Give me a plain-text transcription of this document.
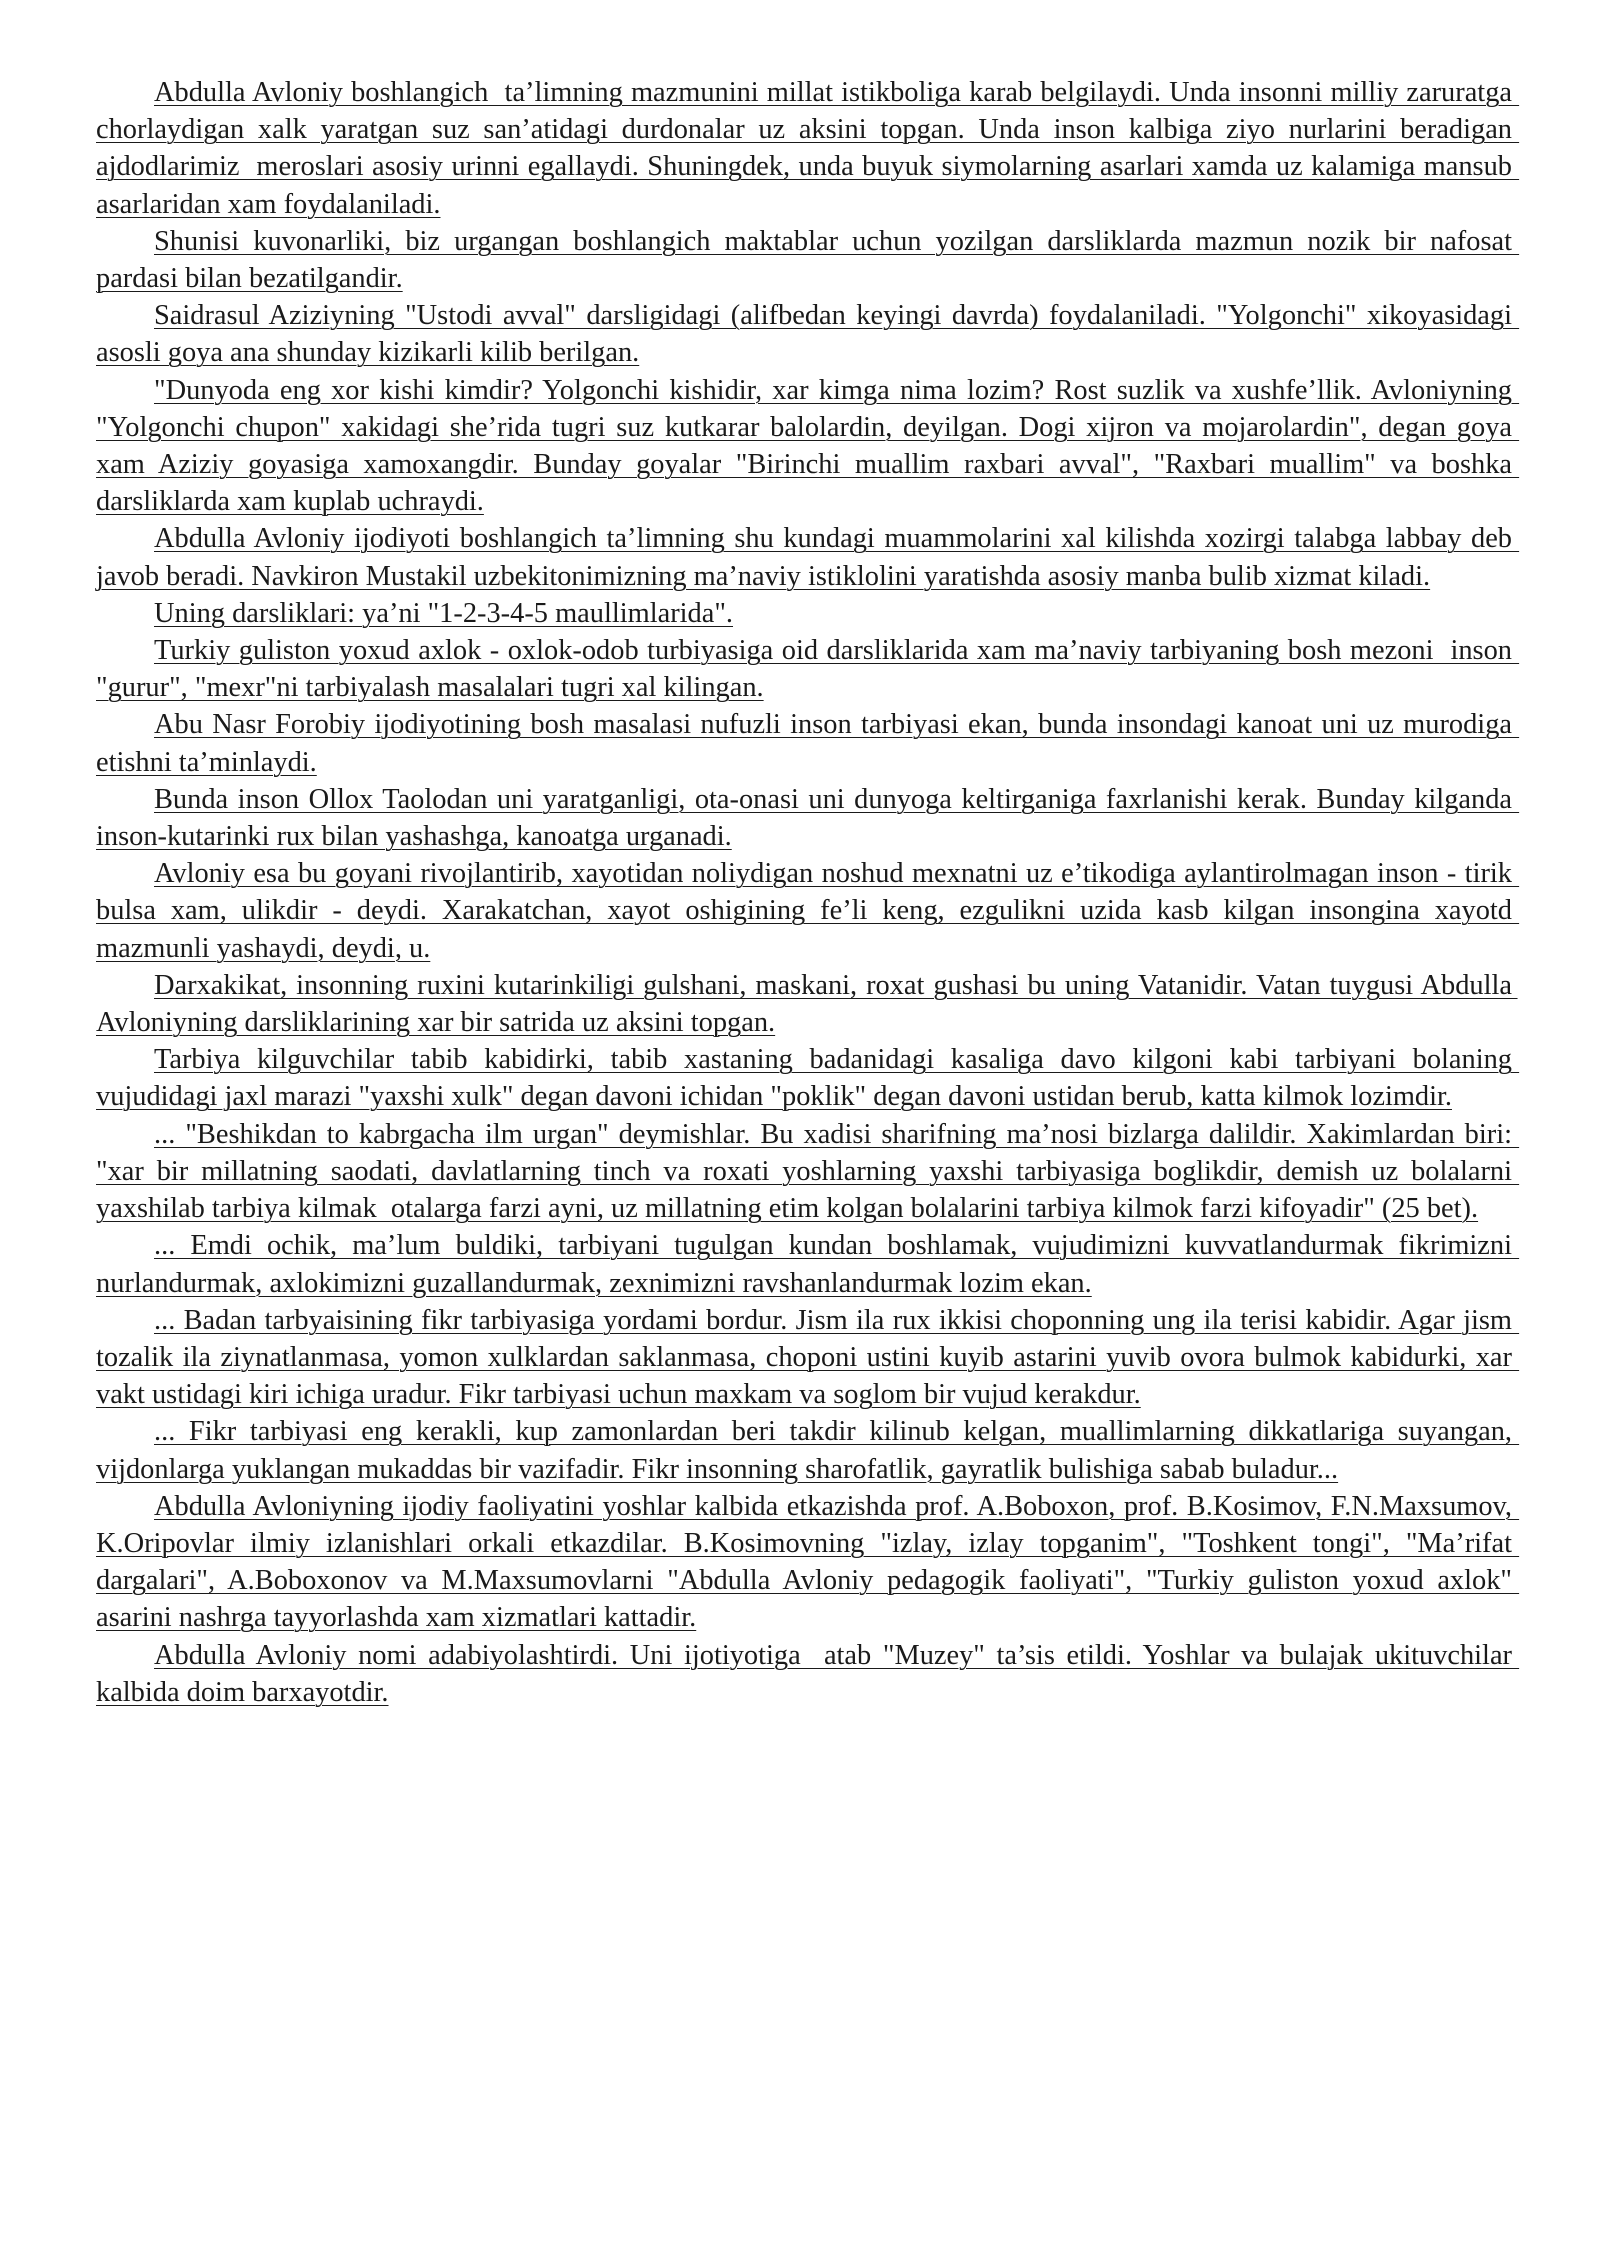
Abdulla Avloniy boshlangich  ta’limning mazmunini millat istikboliga karab belgilaydi. Unda insonni milliy zaruratga chorlaydigan xalk yaratgan suz san’atidagi durdonalar uz aksini topgan. Unda inson kalbiga ziyo nurlarini beradigan ajdodlarimiz  meroslari asosiy urinni egallaydi. Shuningdek, unda buyuk siymolarning asarlari xamda uz kalamiga mansub asarlaridan xam foydalaniladi.

Shunisi kuvonarliki, biz urgangan boshlangich maktablar uchun yozilgan darsliklarda mazmun nozik bir nafosat pardasi bilan bezatilgandir.

Saidrasul Aziziyning "Ustodi avval" darsligidagi (alifbedan keyingi davrda) foydalaniladi. "Yolgonchi" xikoyasidagi asosli goya ana shunday kizikarli kilib berilgan.

"Dunyoda eng xor kishi kimdir? Yolgonchi kishidir, xar kimga nima lozim? Rost suzlik va xushfe’llik. Avloniyning "Yolgonchi chupon" xakidagi she’rida tugri suz kutkarar balolardin, deyilgan. Dogi xijron va mojarolardin", degan goya xam Aziziy goyasiga xamoxangdir. Bunday goyalar "Birinchi muallim raxbari avval", "Raxbari muallim" va boshka darsliklarda xam kuplab uchraydi.

Abdulla Avloniy ijodiyoti boshlangich ta’limning shu kundagi muammolarini xal kilishda xozirgi talabga labbay deb javob beradi. Navkiron Mustakil uzbekitonimizning ma’naviy istiklolini yaratishda asosiy manba bulib xizmat kiladi.

Uning darsliklari: ya’ni "1-2-3-4-5 maullimlarida".

Turkiy guliston yoxud axlok - oxlok-odob turbiyasiga oid darsliklarida xam ma’naviy tarbiyaning bosh mezoni  inson "gurur", "mexr"ni tarbiyalash masalalari tugri xal kilingan.

Abu Nasr Forobiy ijodiyotining bosh masalasi nufuzli inson tarbiyasi ekan, bunda insondagi kanoat uni uz murodiga etishni ta’minlaydi.

Bunda inson Ollox Taolodan uni yaratganligi, ota-onasi uni dunyoga keltirganiga faxrlanishi kerak. Bunday kilganda inson-kutarinki rux bilan yashashga, kanoatga urganadi.

Avloniy esa bu goyani rivojlantirib, xayotidan noliydigan noshud mexnatni uz e’tikodiga aylantirolmagan inson - tirik bulsa xam, ulikdir - deydi. Xarakatchan, xayot oshigining fe’li keng, ezgulikni uzida kasb kilgan insongina xayotd mazmunli yashaydi, deydi, u.

Darxakikat, insonning ruxini kutarinkiligi gulshani, maskani, roxat gushasi bu uning Vatanidir. Vatan tuygusi Abdulla Avloniyning darsliklarining xar bir satrida uz aksini topgan.

Tarbiya kilguvchilar tabib kabidirki, tabib xastaning badanidagi kasaliga davo kilgoni kabi tarbiyani bolaning vujudidagi jaxl marazi "yaxshi xulk" degan davoni ichidan "poklik" degan davoni ustidan berub, katta kilmok lozimdir.

... "Beshikdan to kabrgacha ilm urgan" deymishlar. Bu xadisi sharifning ma’nosi bizlarga dalildir. Xakimlardan biri: "xar bir millatning saodati, davlatlarning tinch va roxati yoshlarning yaxshi tarbiyasiga boglikdir, demish uz bolalarni yaxshilab tarbiya kilmak  otalarga farzi ayni, uz millatning etim kolgan bolalarini tarbiya kilmok farzi kifoyadir" (25 bet).

... Emdi ochik, ma’lum buldiki, tarbiyani tugulgan kundan boshlamak, vujudimizni kuvvatlandurmak fikrimizni nurlandurmak, axlokimizni guzallandurmak, zexnimizni ravshanlandurmak lozim ekan.

... Badan tarbyaisining fikr tarbiyasiga yordami bordur. Jism ila rux ikkisi choponning ung ila terisi kabidir. Agar jism tozalik ila ziynatlanmasa, yomon xulklardan saklanmasa, choponi ustini kuyib astarini yuvib ovora bulmok kabidurki, xar vakt ustidagi kiri ichiga uradur. Fikr tarbiyasi uchun maxkam va soglom bir vujud kerakdur.

... Fikr tarbiyasi eng kerakli, kup zamonlardan beri takdir kilinub kelgan, muallimlarning dikkatlariga suyangan, vijdonlarga yuklangan mukaddas bir vazifadir. Fikr insonning sharofatlik, gayratlik bulishiga sabab buladur...

Abdulla Avloniyning ijodiy faoliyatini yoshlar kalbida etkazishda prof. A.Boboxon, prof. B.Kosimov, F.N.Maxsumov, K.Oripovlar ilmiy izlanishlari orkali etkazdilar. B.Kosimovning "izlay, izlay topganim", "Toshkent tongi", "Ma’rifat dargalari", A.Boboxonov va M.Maxsumovlarni "Abdulla Avloniy pedagogik faoliyati", "Turkiy guliston yoxud axlok" asarini nashrga tayyorlashda xam xizmatlari kattadir.

Abdulla Avloniy nomi adabiyolashtirdi. Uni ijotiyotiga  atab "Muzey" ta’sis etildi. Yoshlar va bulajak ukituvchilar kalbida doim barxayotdir.
